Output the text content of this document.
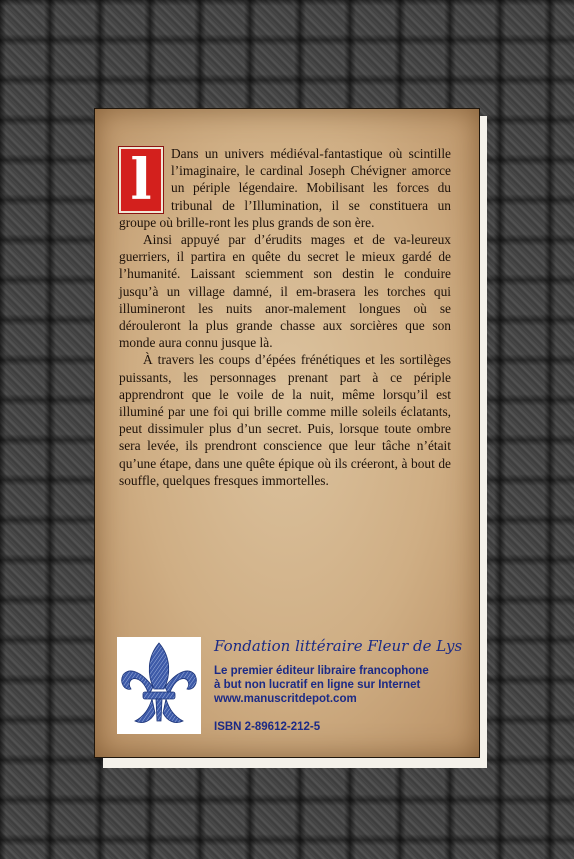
l	Dans un univers médiéval-fantastique où scintille l’imaginaire, le cardinal Joseph Chévigner amorce un périple légendaire. Mobilisant les forces du tribunal de l’Illumination, il se constituera un groupe où brille-ront les plus grands de son ère.

Ainsi appuyé par d’érudits mages et de va-leureux guerriers, il partira en quête du secret le mieux gardé de l’humanité. Laissant sciemment son destin le conduire jusqu’à un village damné, il em-brasera les torches qui illumineront les nuits anor-malement longues où se dérouleront la plus grande chasse aux sorcières que son monde aura connu jusque là.

À travers les coups d’épées frénétiques et les sortilèges puissants, les personnages prenant part à ce périple apprendront que le voile de la nuit, même lorsqu’il est illuminé par une foi qui brille comme mille soleils éclatants, peut dissimuler plus d’un secret. Puis, lorsque toute ombre sera levée, ils prendront conscience que leur tâche n’était qu’une étape, dans une quête épique où ils créeront, à bout de souffle, quelques fresques immortelles.

Fondation littéraire Fleur de Lys
Le premier éditeur libraire francophone
à but non lucratif en ligne sur Internet
www.manuscritdepot.com
ISBN 2-89612-212-5
